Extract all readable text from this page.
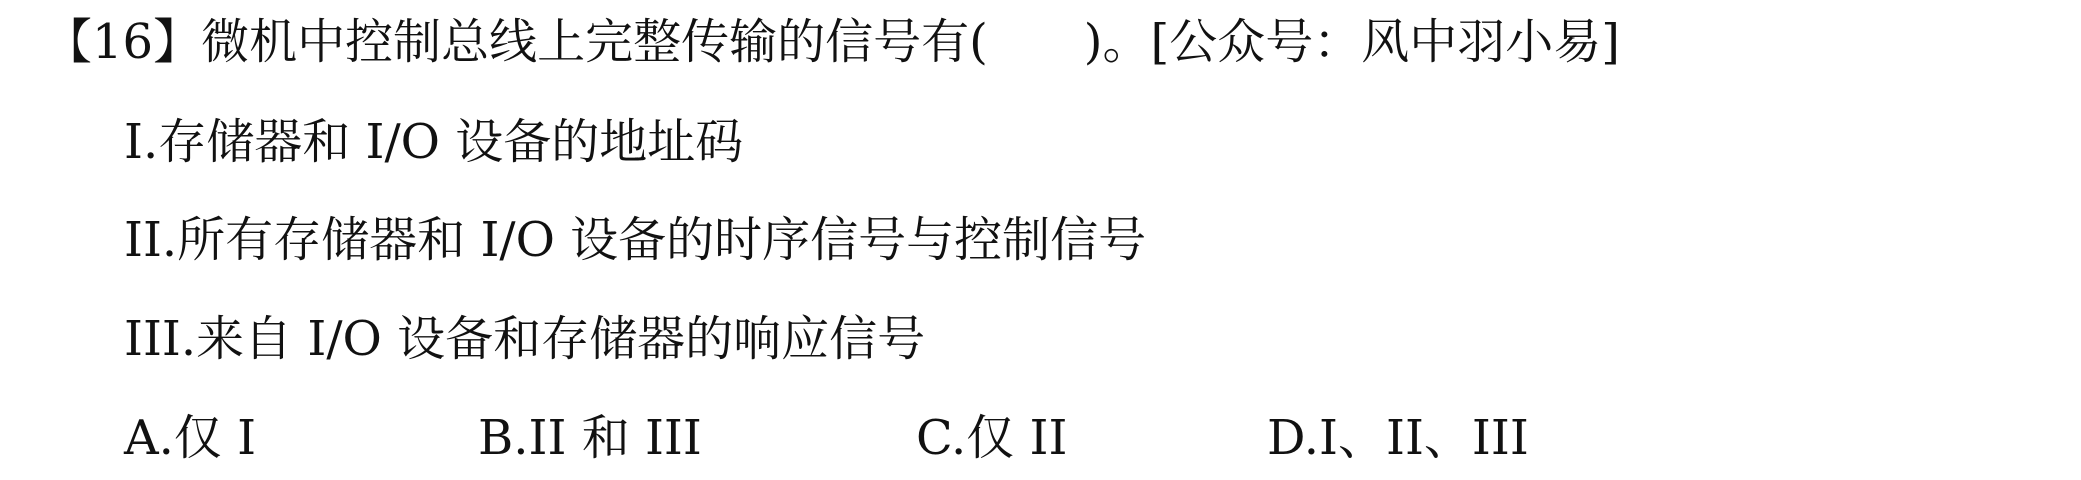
【16】微机中控制总线上完整传输的信号有(　　)。[公众号：风中羽小易]
I.存储器和 I/O 设备的地址码
II.所有存储器和 I/O 设备的时序信号与控制信号
III.来自 I/O 设备和存储器的响应信号
A.仅 I	B.II 和 III	C.仅 II	D.I、II、III
